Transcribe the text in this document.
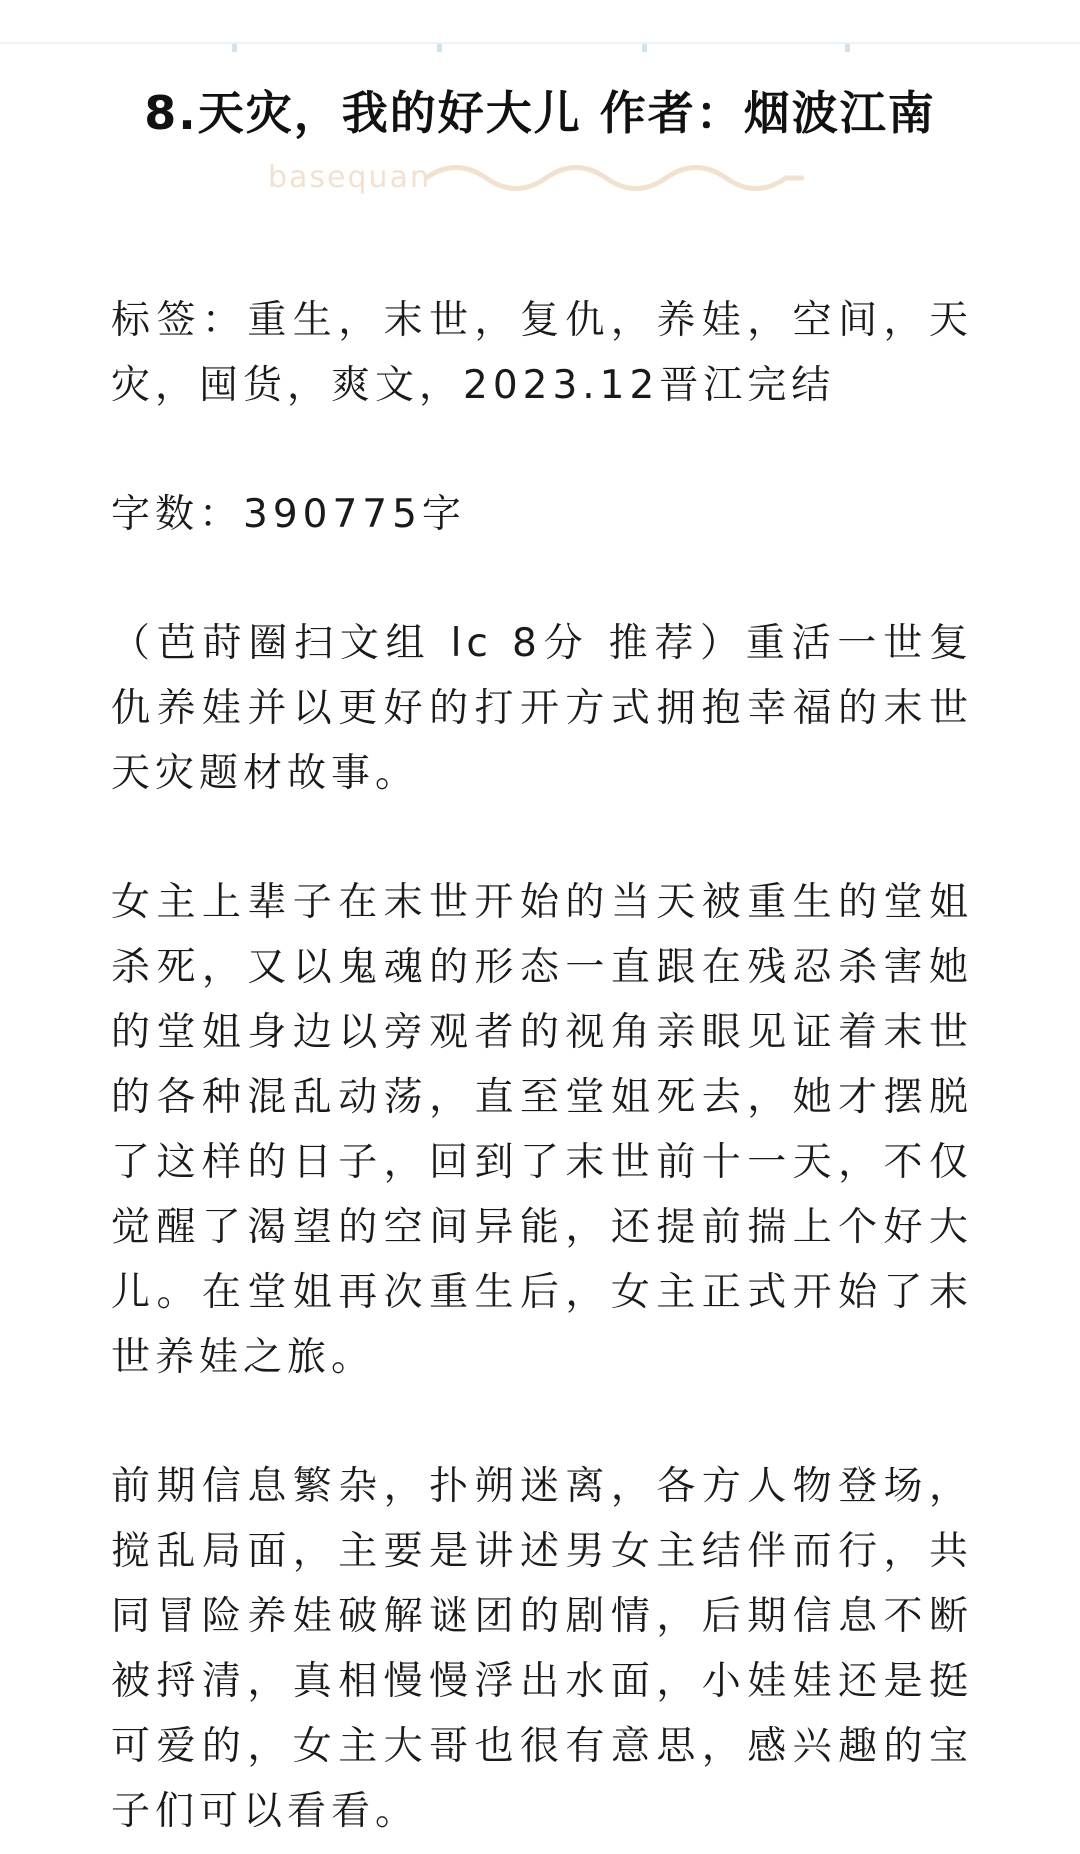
8.天灾，我的好大儿 作者：烟波江南
basequan

标签：重生，末世，复仇，养娃，空间，天灾，囤货，爽文，2023.12晋江完结

字数：390775字

（芭莳圈扫文组 lc 8分 推荐）重活一世复仇养娃并以更好的打开方式拥抱幸福的末世天灾题材故事。

女主上辈子在末世开始的当天被重生的堂姐杀死，又以鬼魂的形态一直跟在残忍杀害她的堂姐身边以旁观者的视角亲眼见证着末世的各种混乱动荡，直至堂姐死去，她才摆脱了这样的日子，回到了末世前十一天，不仅觉醒了渴望的空间异能，还提前揣上个好大儿。在堂姐再次重生后，女主正式开始了末世养娃之旅。

前期信息繁杂，扑朔迷离，各方人物登场，搅乱局面，主要是讲述男女主结伴而行，共同冒险养娃破解谜团的剧情，后期信息不断被捋清，真相慢慢浮出水面，小娃娃还是挺可爱的，女主大哥也很有意思，感兴趣的宝子们可以看看。
